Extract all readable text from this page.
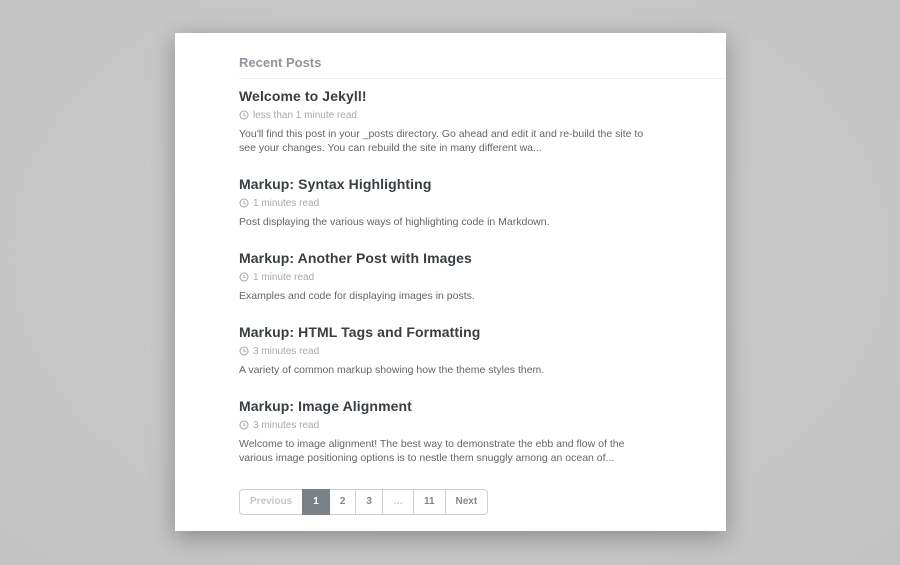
Recent Posts
Welcome to Jekyll!
less than 1 minute read

You'll find this post in your _posts directory. Go ahead and edit it and re-build the site to see your changes. You can rebuild the site in many different wa...

Markup: Syntax Highlighting
1 minutes read

Post displaying the various ways of highlighting code in Markdown.

Markup: Another Post with Images
1 minute read

Examples and code for displaying images in posts.

Markup: HTML Tags and Formatting
3 minutes read

A variety of common markup showing how the theme styles them.

Markup: Image Alignment
3 minutes read

Welcome to image alignment! The best way to demonstrate the ebb and flow of the various image positioning options is to nestle them snuggly among an ocean of...

Previous	1	2	3	…	11	Next
